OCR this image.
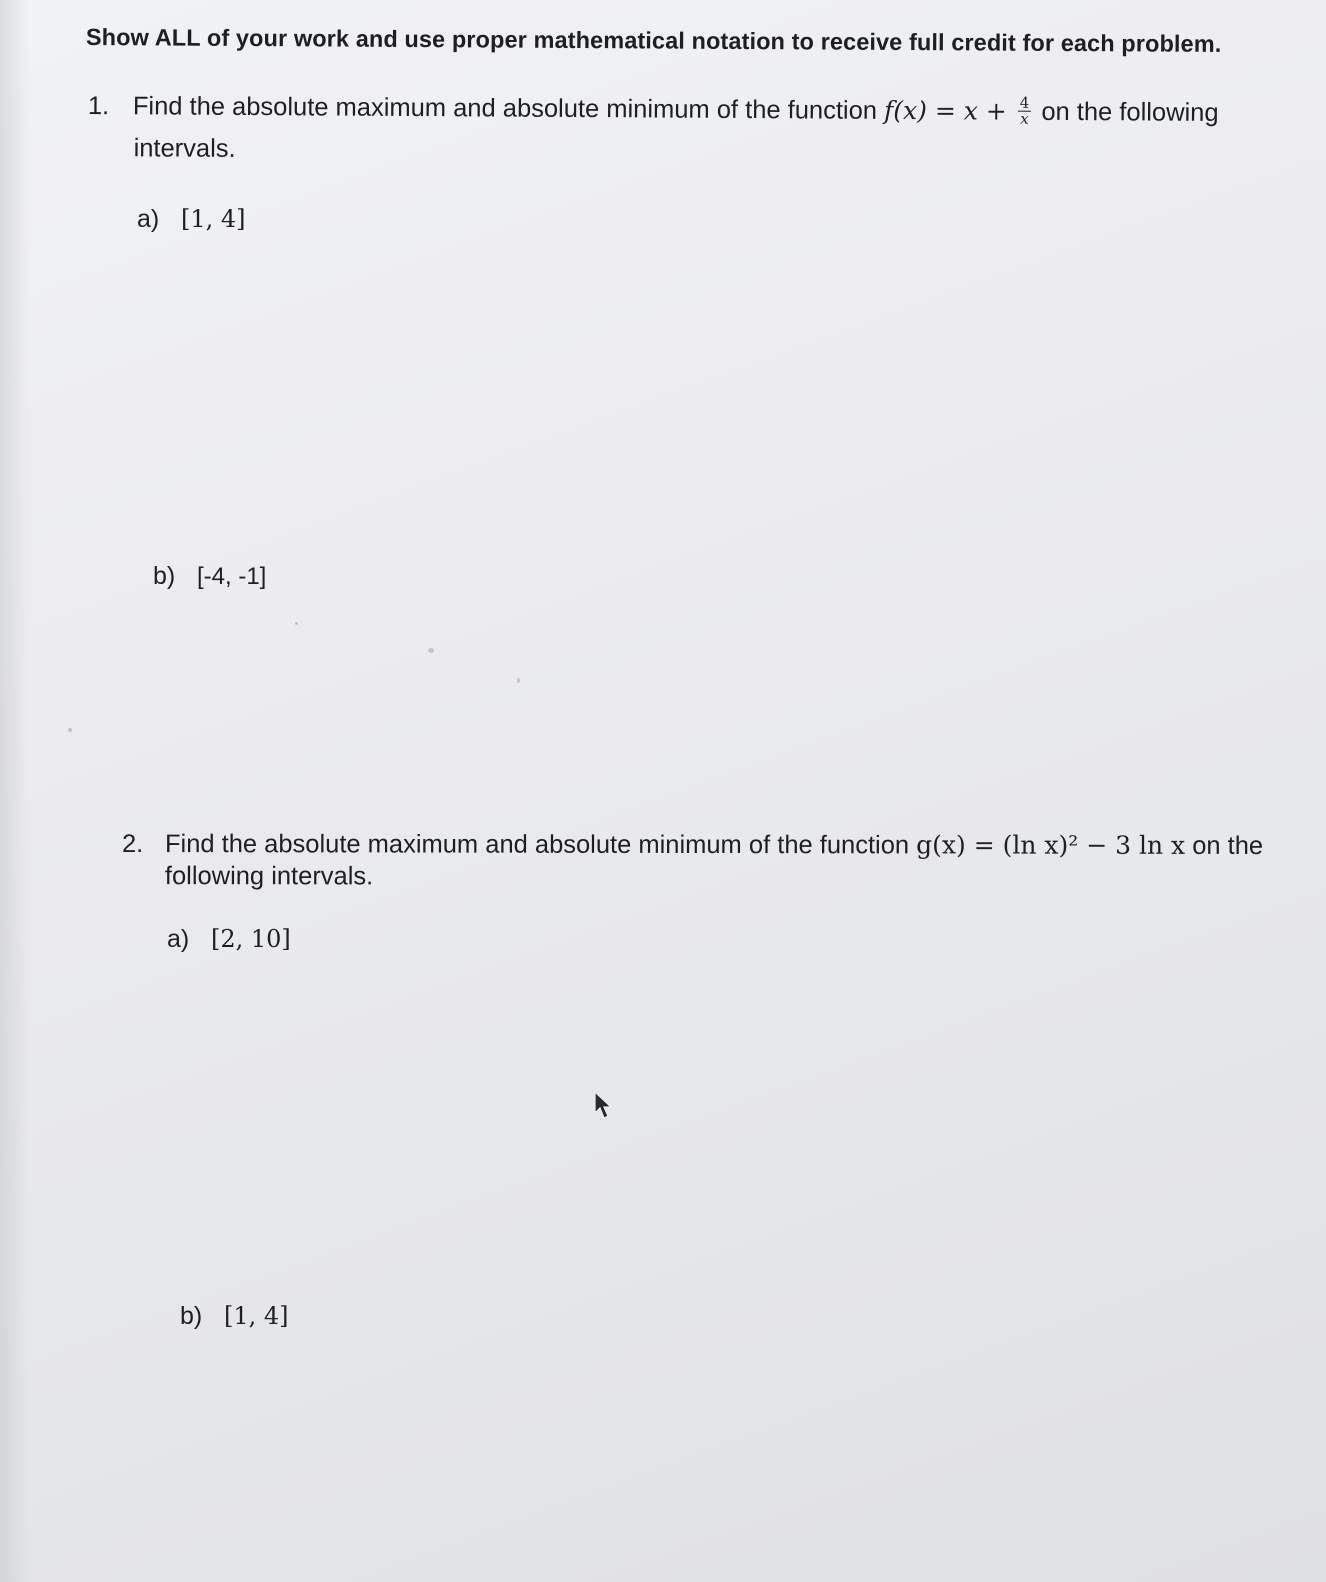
Show ALL of your work and use proper mathematical notation to receive full credit for each problem.
1. Find the absolute maximum and absolute minimum of the function $f(x) = x + \frac{4}{x}$ on the following
intervals.
a) [1, 4]
b) [-4, -1]
2. Find the absolute maximum and absolute minimum of the function g(x) = (ln x)² − 3 ln x on the
following intervals.
a) [2, 10]
b) [1, 4]
